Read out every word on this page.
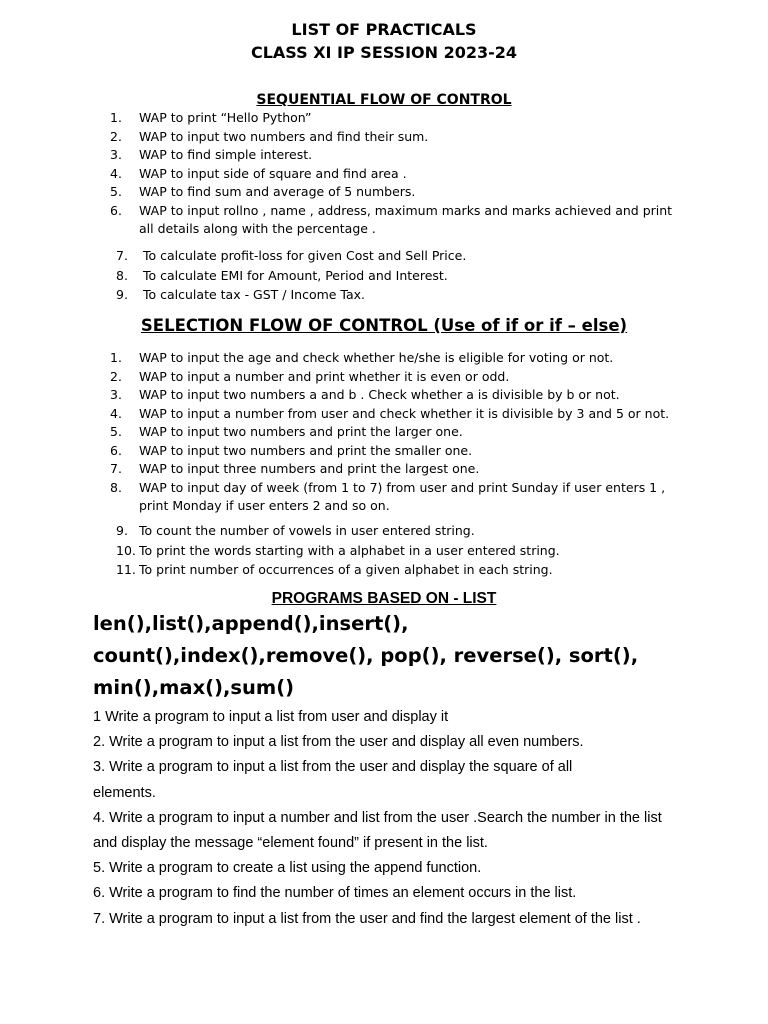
LIST OF PRACTICALS
CLASS XI IP SESSION 2023-24
SEQUENTIAL FLOW OF CONTROL
1. WAP to print “Hello Python”
2. WAP to input two numbers and find their sum.
3. WAP to find simple interest.
4. WAP to input side of square and find area .
5. WAP to find sum and average of 5 numbers.
6. WAP to input rollno , name , address, maximum marks and marks achieved and print all details along with the percentage .
7. To calculate profit-loss for given Cost and Sell Price.
8. To calculate EMI for Amount, Period and Interest.
9. To calculate tax - GST / Income Tax.
SELECTION FLOW OF CONTROL (Use of if or if – else)
1. WAP to input the age and check whether he/she is eligible for voting or not.
2. WAP to input a number and print whether it is even or odd.
3. WAP to input two numbers a and b . Check whether a is divisible by b or not.
4. WAP to input a number from user and check whether it is divisible by 3 and 5 or not.
5. WAP to input two numbers and print the larger one.
6. WAP to input two numbers and print the smaller one.
7. WAP to input three numbers and print the largest one.
8. WAP to input day of week (from 1 to 7) from user and print Sunday if user enters 1 , print Monday if user enters 2 and so on.
9. To count the number of vowels in user entered string.
10. To print the words starting with a alphabet in a user entered string.
11. To print number of occurrences of a given alphabet in each string.
PROGRAMS BASED ON - LIST

len(),list(),append(),insert(), count(),index(),remove(), pop(), reverse(), sort(), min(),max(),sum()

1 Write a program to input a list from user and display it

2. Write a program to input a list from the user and display all even numbers.

3. Write a program to input a list from the user and display the square of all elements.

4. Write a program to input a number and list from the user .Search the number in the list and display the message “element found” if present in the list.

5. Write a program to create a list using the append function.

6. Write a program to find the number of times an element occurs in the list.

7. Write a program to input a list from the user and find the largest element of the list .
